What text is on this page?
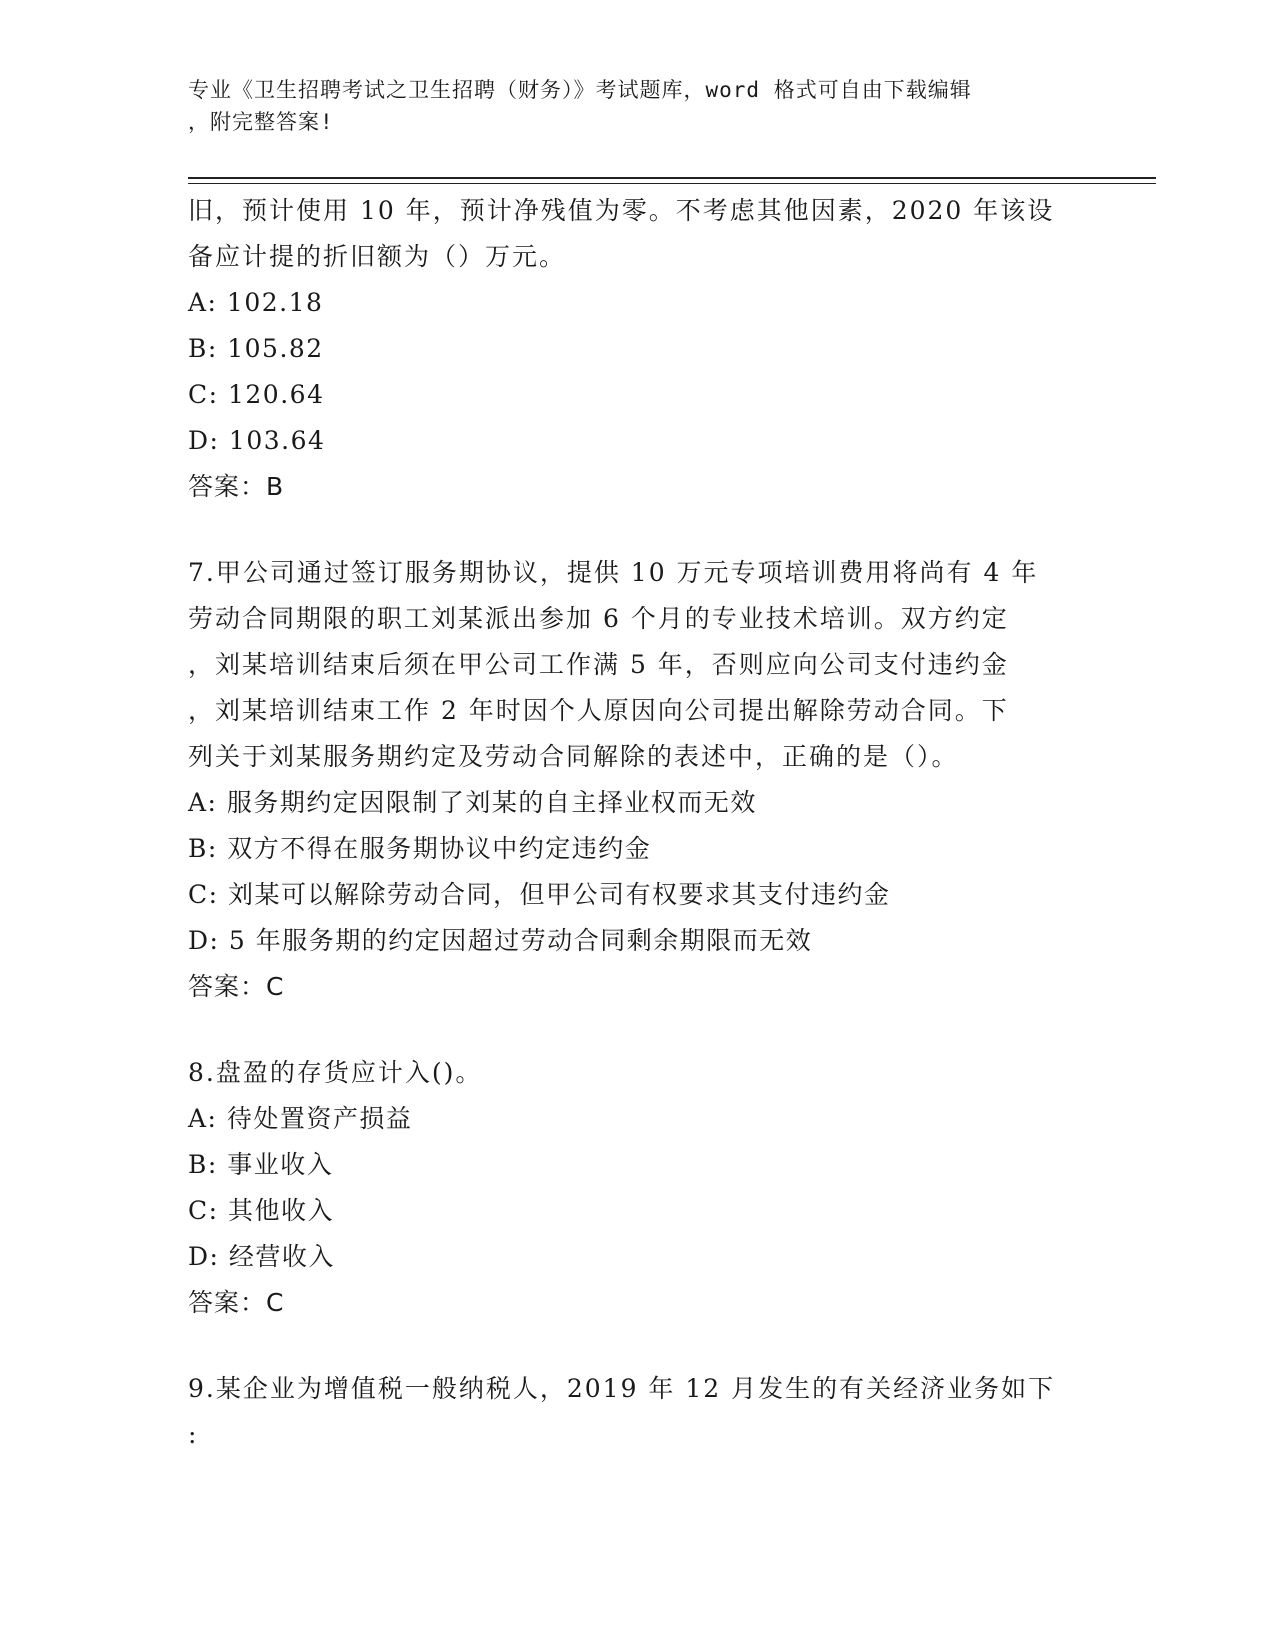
专业《卫生招聘考试之卫生招聘（财务）》考试题库，word 格式可自由下载编辑
，附完整答案!
旧，预计使用 10 年，预计净残值为零。不考虑其他因素，2020 年该设
备应计提的折旧额为（）万元。
A: 102.18
B: 105.82
C: 120.64
D: 103.64
答案：B
7.甲公司通过签订服务期协议，提供 10 万元专项培训费用将尚有 4 年
劳动合同期限的职工刘某派出参加 6 个月的专业技术培训。双方约定
，刘某培训结束后须在甲公司工作满 5 年，否则应向公司支付违约金
，刘某培训结束工作 2 年时因个人原因向公司提出解除劳动合同。下
列关于刘某服务期约定及劳动合同解除的表述中，正确的是（）。
A: 服务期约定因限制了刘某的自主择业权而无效
B: 双方不得在服务期协议中约定违约金
C: 刘某可以解除劳动合同，但甲公司有权要求其支付违约金
D: 5 年服务期的约定因超过劳动合同剩余期限而无效
答案：C
8.盘盈的存货应计入()。
A: 待处置资产损益
B: 事业收入
C: 其他收入
D: 经营收入
答案：C
9.某企业为增值税一般纳税人，2019 年 12 月发生的有关经济业务如下
:
